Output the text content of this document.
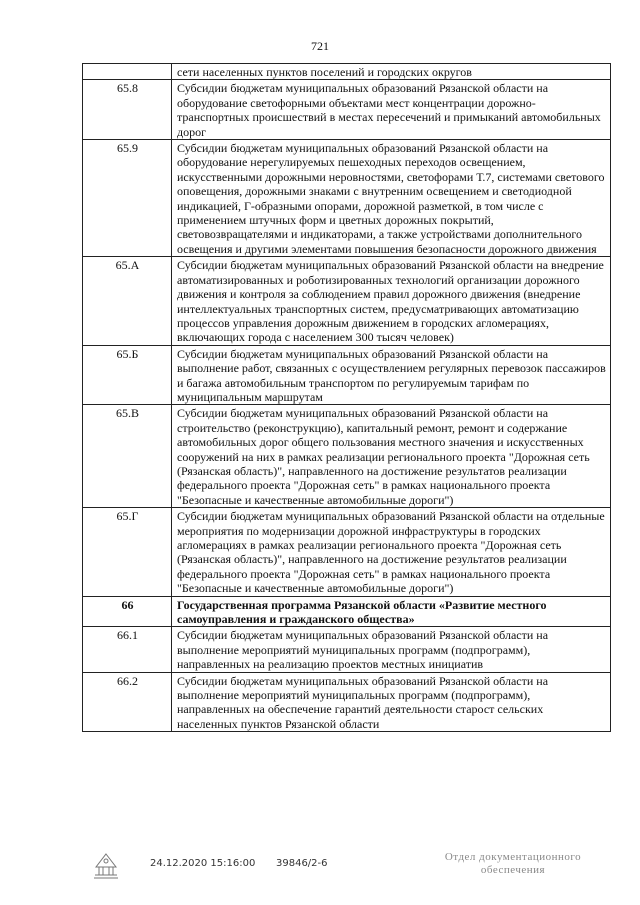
721
	сети населенных пунктов поселений и городских округов
65.8	Субсидии бюджетам муниципальных образований Рязанской области на оборудование светофорными объектами мест концентрации дорожно-транспортных происшествий в местах пересечений и примыканий автомобильных дорог
65.9	Субсидии бюджетам муниципальных образований Рязанской области на оборудование нерегулируемых пешеходных переходов освещением, искусственными дорожными неровностями, светофорами Т.7, системами светового оповещения, дорожными знаками с внутренним освещением и светодиодной индикацией, Г-образными опорами, дорожной разметкой, в том числе с применением штучных форм и цветных дорожных покрытий, световозвращателями и индикаторами, а также устройствами дополнительного освещения и другими элементами повышения безопасности дорожного движения
65.А	Субсидии бюджетам муниципальных образований Рязанской области на внедрение автоматизированных и роботизированных технологий организации дорожного движения и контроля за соблюдением правил дорожного движения (внедрение интеллектуальных транспортных систем, предусматривающих автоматизацию процессов управления дорожным движением в городских агломерациях, включающих города с населением 300 тысяч человек)
65.Б	Субсидии бюджетам муниципальных образований Рязанской области на выполнение работ, связанных с осуществлением регулярных перевозок пассажиров и багажа автомобильным транспортом по регулируемым тарифам по муниципальным маршрутам
65.В	Субсидии бюджетам муниципальных образований Рязанской области на строительство (реконструкцию), капитальный ремонт, ремонт и содержание автомобильных дорог общего пользования местного значения и искусственных сооружений на них в рамках реализации регионального проекта "Дорожная сеть (Рязанская область)", направленного на достижение результатов реализации федерального проекта "Дорожная сеть" в рамках национального проекта "Безопасные и качественные автомобильные дороги")
65.Г	Субсидии бюджетам муниципальных образований Рязанской области на отдельные мероприятия по модернизации дорожной инфраструктуры в городских агломерациях в рамках реализации регионального проекта "Дорожная сеть (Рязанская область)", направленного на достижение результатов реализации федерального проекта "Дорожная сеть" в рамках национального проекта "Безопасные и качественные автомобильные дороги")
66	Государственная программа Рязанской области «Развитие местного самоуправления и гражданского общества»
66.1	Субсидии бюджетам муниципальных образований Рязанской области на выполнение мероприятий муниципальных программ (подпрограмм), направленных на реализацию проектов местных инициатив
66.2	Субсидии бюджетам муниципальных образований Рязанской области на выполнение мероприятий муниципальных программ (подпрограмм), направленных на обеспечение гарантий деятельности старост сельских населенных пунктов Рязанской области
24.12.2020 15:16:00 39846/2-6
Отдел документационного
обеспечения
